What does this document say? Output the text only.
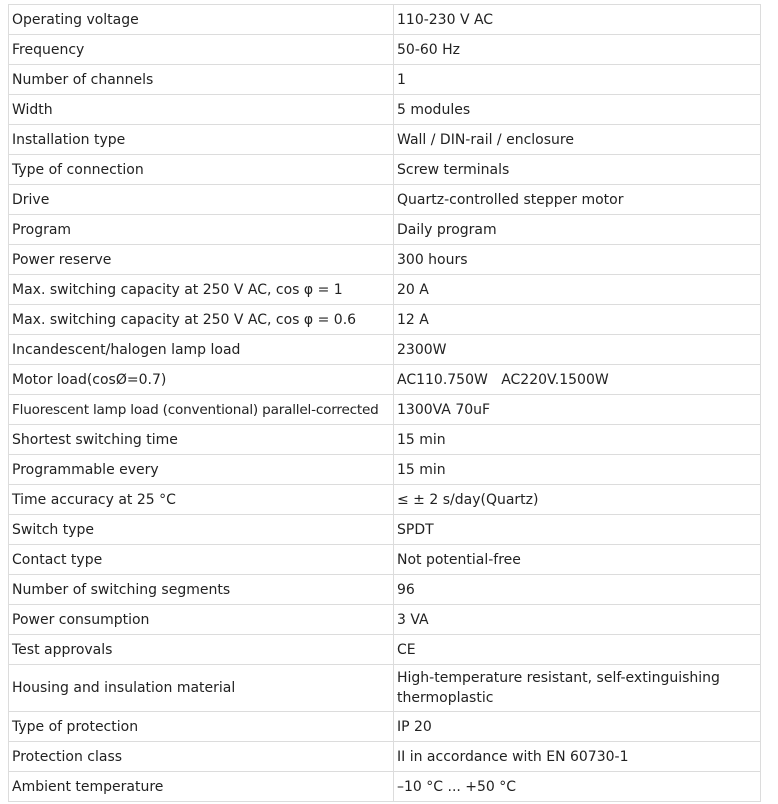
Operating voltage	110-230 V AC
Frequency	50-60 Hz
Number of channels	1
Width	5 modules
Installation type	Wall / DIN-rail / enclosure
Type of connection	Screw terminals
Drive	Quartz-controlled stepper motor
Program	Daily program
Power reserve	300 hours
Max. switching capacity at 250 V AC, cos φ = 1	20 A
Max. switching capacity at 250 V AC, cos φ = 0.6	12 A
Incandescent/halogen lamp load	2300W
Motor load(cosØ=0.7)	AC110.750W   AC220V.1500W
Fluorescent lamp load (conventional) parallel-corrected	1300VA 70uF
Shortest switching time	15 min
Programmable every	15 min
Time accuracy at 25 °C	≤ ± 2 s/day(Quartz)
Switch type	SPDT
Contact type	Not potential-free
Number of switching segments	96
Power consumption	3 VA
Test approvals	CE
Housing and insulation material	High-temperature resistant, self-extinguishing thermoplastic
Type of protection	IP 20
Protection class	II in accordance with EN 60730-1
Ambient temperature	–10 °C ... +50 °C
